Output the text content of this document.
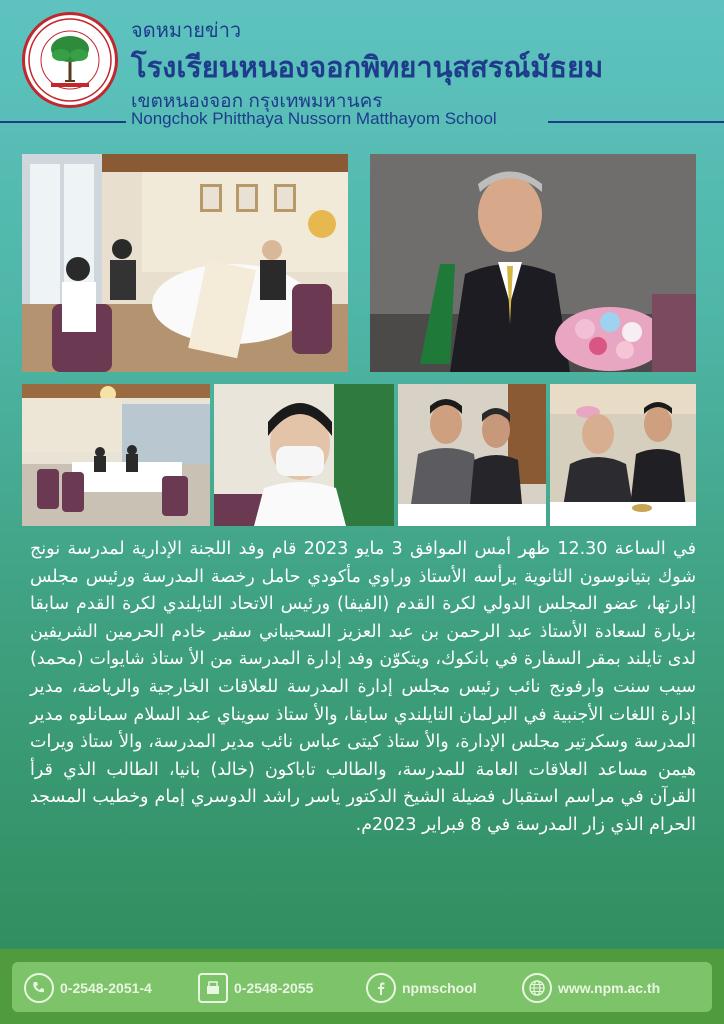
จดหมายข่าว
โรงเรียนหนองจอกพิทยานุสสรณ์มัธยม
เขตหนองจอก กรุงเทพมหานคร
Nongchok Phitthaya Nussorn Matthayom School
في الساعة 12.30 ظهر أمس الموافق 3 مايو 2023 قام وفد اللجنة الإدارية لمدرسة نونج شوك بتيانوسون الثانوية يرأسه الأستاذ وراوي مأكودي حامل رخصة المدرسة ورئيس مجلس إدارتها، عضو المجلس الدولي لكرة القدم (الفيفا) ورئيس الاتحاد التايلندي لكرة القدم سابقا بزيارة لسعادة الأستاذ عبد الرحمن بن عبد العزيز السحيباني سفير خادم الحرمين الشريفين لدى تايلند بمقر السفارة في بانكوك، ويتكوّن وفد إدارة المدرسة من الأ ستاذ شايوات (محمد) سيب سنت وارفونج نائب رئيس مجلس إدارة المدرسة للعلاقات الخارجية والرياضة، مدير إدارة اللغات الأجنبية في البرلمان التايلندي سابقا، والأ ستاذ سويناي عبد السلام سمانلوه مدير المدرسة وسكرتير مجلس الإدارة، والأ ستاذ كيتى عباس نائب مدير المدرسة، والأ ستاذ ويرات هيمن مساعد العلاقات العامة للمدرسة، والطالب تاباكون (خالد) بانيا، الطالب الذي قرأ القرآن في مراسم استقبال فضيلة الشيخ الدكتور ياسر راشد الدوسري إمام وخطيب المسجد الحرام الذي زار المدرسة في 8 فبراير 2023م.
0-2548-2051-4	0-2548-2055	npmschool	www.npm.ac.th
